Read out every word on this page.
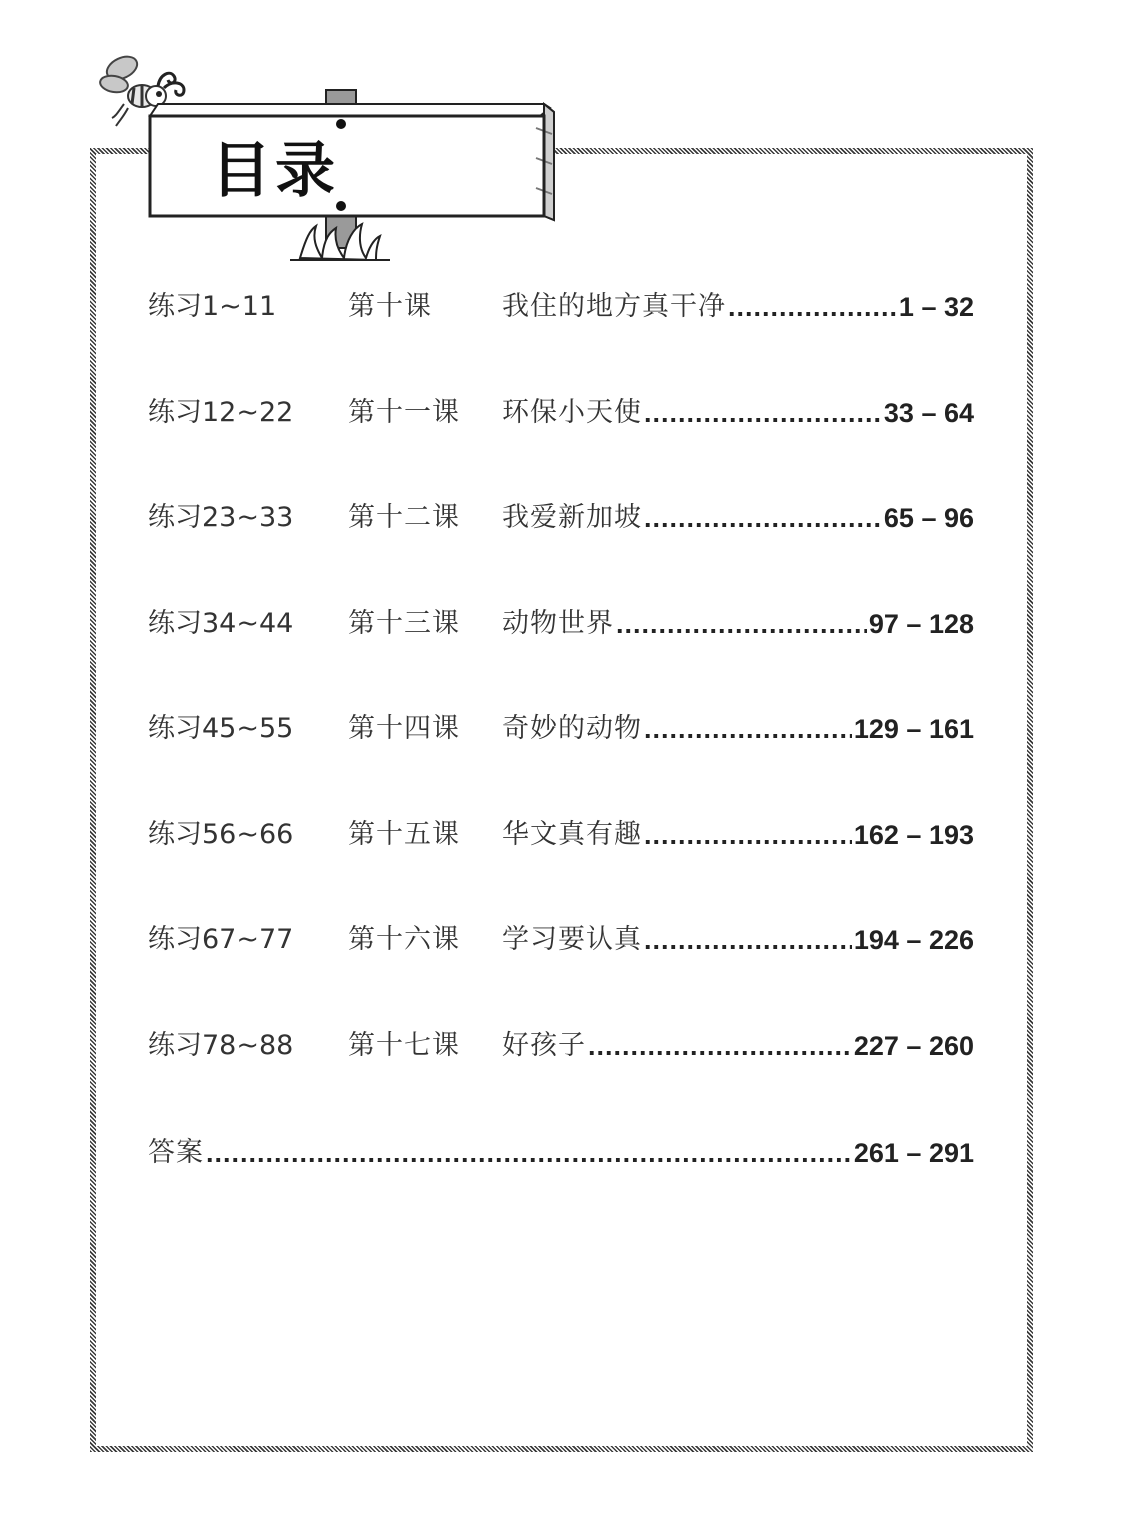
目录
练习1~11	第十课	我住的地方真干净 .....	1 – 32
练习12~22 第十一课 环保小天使 .....	33 – 64
练习23~33 第十二课 我爱新加坡 .....	65 – 96
练习34~44 第十三课 动物世界 .....	97 – 128
练习45~55 第十四课 奇妙的动物 .....	129 – 161
练习56~66 第十五课 华文真有趣 .....	162 – 193
练习67~77 第十六课 学习要认真 .....	194 – 226
练习78~88 第十七课 好孩子 .....	227 – 260
答案 .....	261 – 291
